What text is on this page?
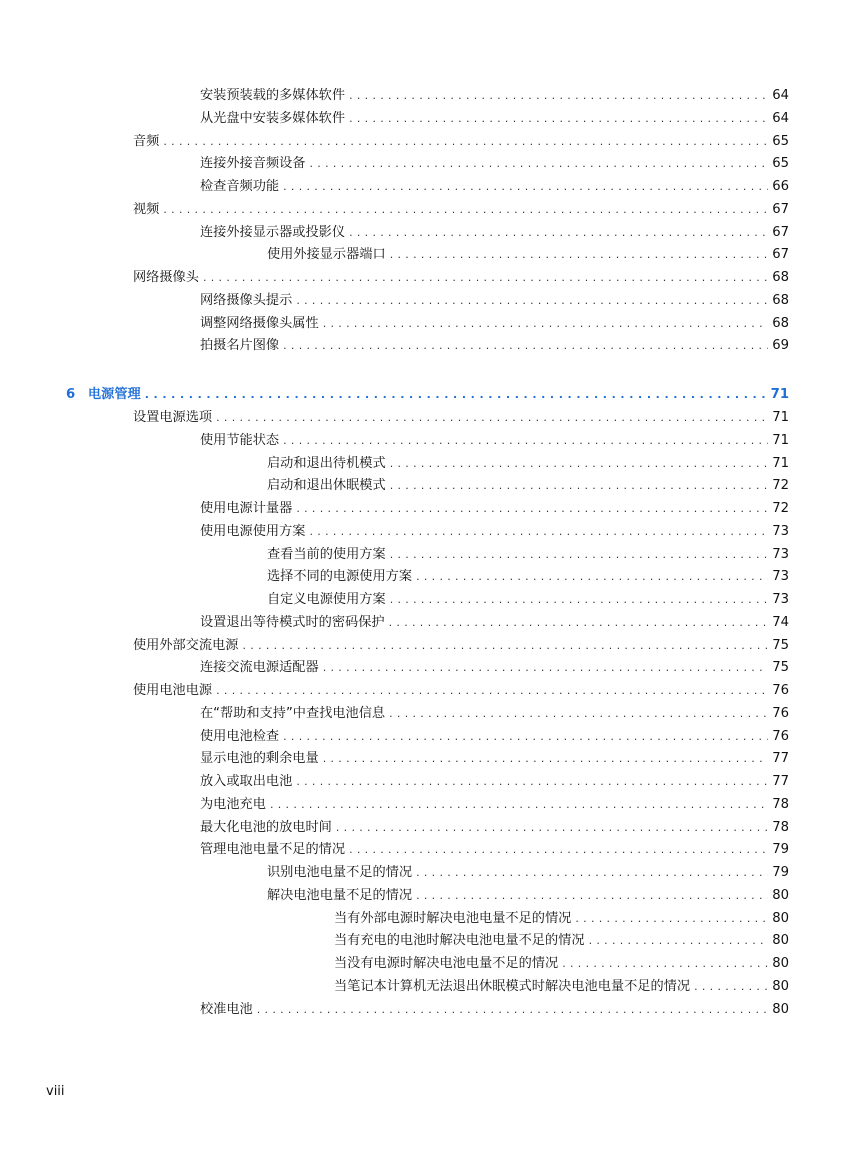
安装预装载的多媒体软件 . . .	64
从光盘中安装多媒体软件 . . .	64
音频 . . .	65
连接外接音频设备 . . .	65
检查音频功能 . . .	66
视频 . . .	67
连接外接显示器或投影仪 . . .	67
使用外接显示器端口 . . .	67
网络摄像头 . . .	68
网络摄像头提示 . . .	68
调整网络摄像头属性 . . .	68
拍摄名片图像 . . .	69
6 电源管理 . . .	71
设置电源选项 . . .	71
使用节能状态 . . .	71
启动和退出待机模式 . . .	71
启动和退出休眠模式 . . .	72
使用电源计量器 . . .	72
使用电源使用方案 . . .	73
查看当前的使用方案 . . .	73
选择不同的电源使用方案 . . .	73
自定义电源使用方案 . . .	73
设置退出等待模式时的密码保护 . . .	74
使用外部交流电源 . . .	75
连接交流电源适配器 . . .	75
使用电池电源 . . .	76
在“帮助和支持”中查找电池信息 . . .	76
使用电池检查 . . .	76
显示电池的剩余电量 . . .	77
放入或取出电池 . . .	77
为电池充电 . . .	78
最大化电池的放电时间 . . .	78
管理电池电量不足的情况 . . .	79
识别电池电量不足的情况 . . .	79
解决电池电量不足的情况 . . .	80
当有外部电源时解决电池电量不足的情况 . . .	80
当有充电的电池时解决电池电量不足的情况 . . .	80
当没有电源时解决电池电量不足的情况 . . .	80
当笔记本计算机无法退出休眠模式时解决电池电量不足的情况 . . .	80
校准电池 . . .	80
viii
